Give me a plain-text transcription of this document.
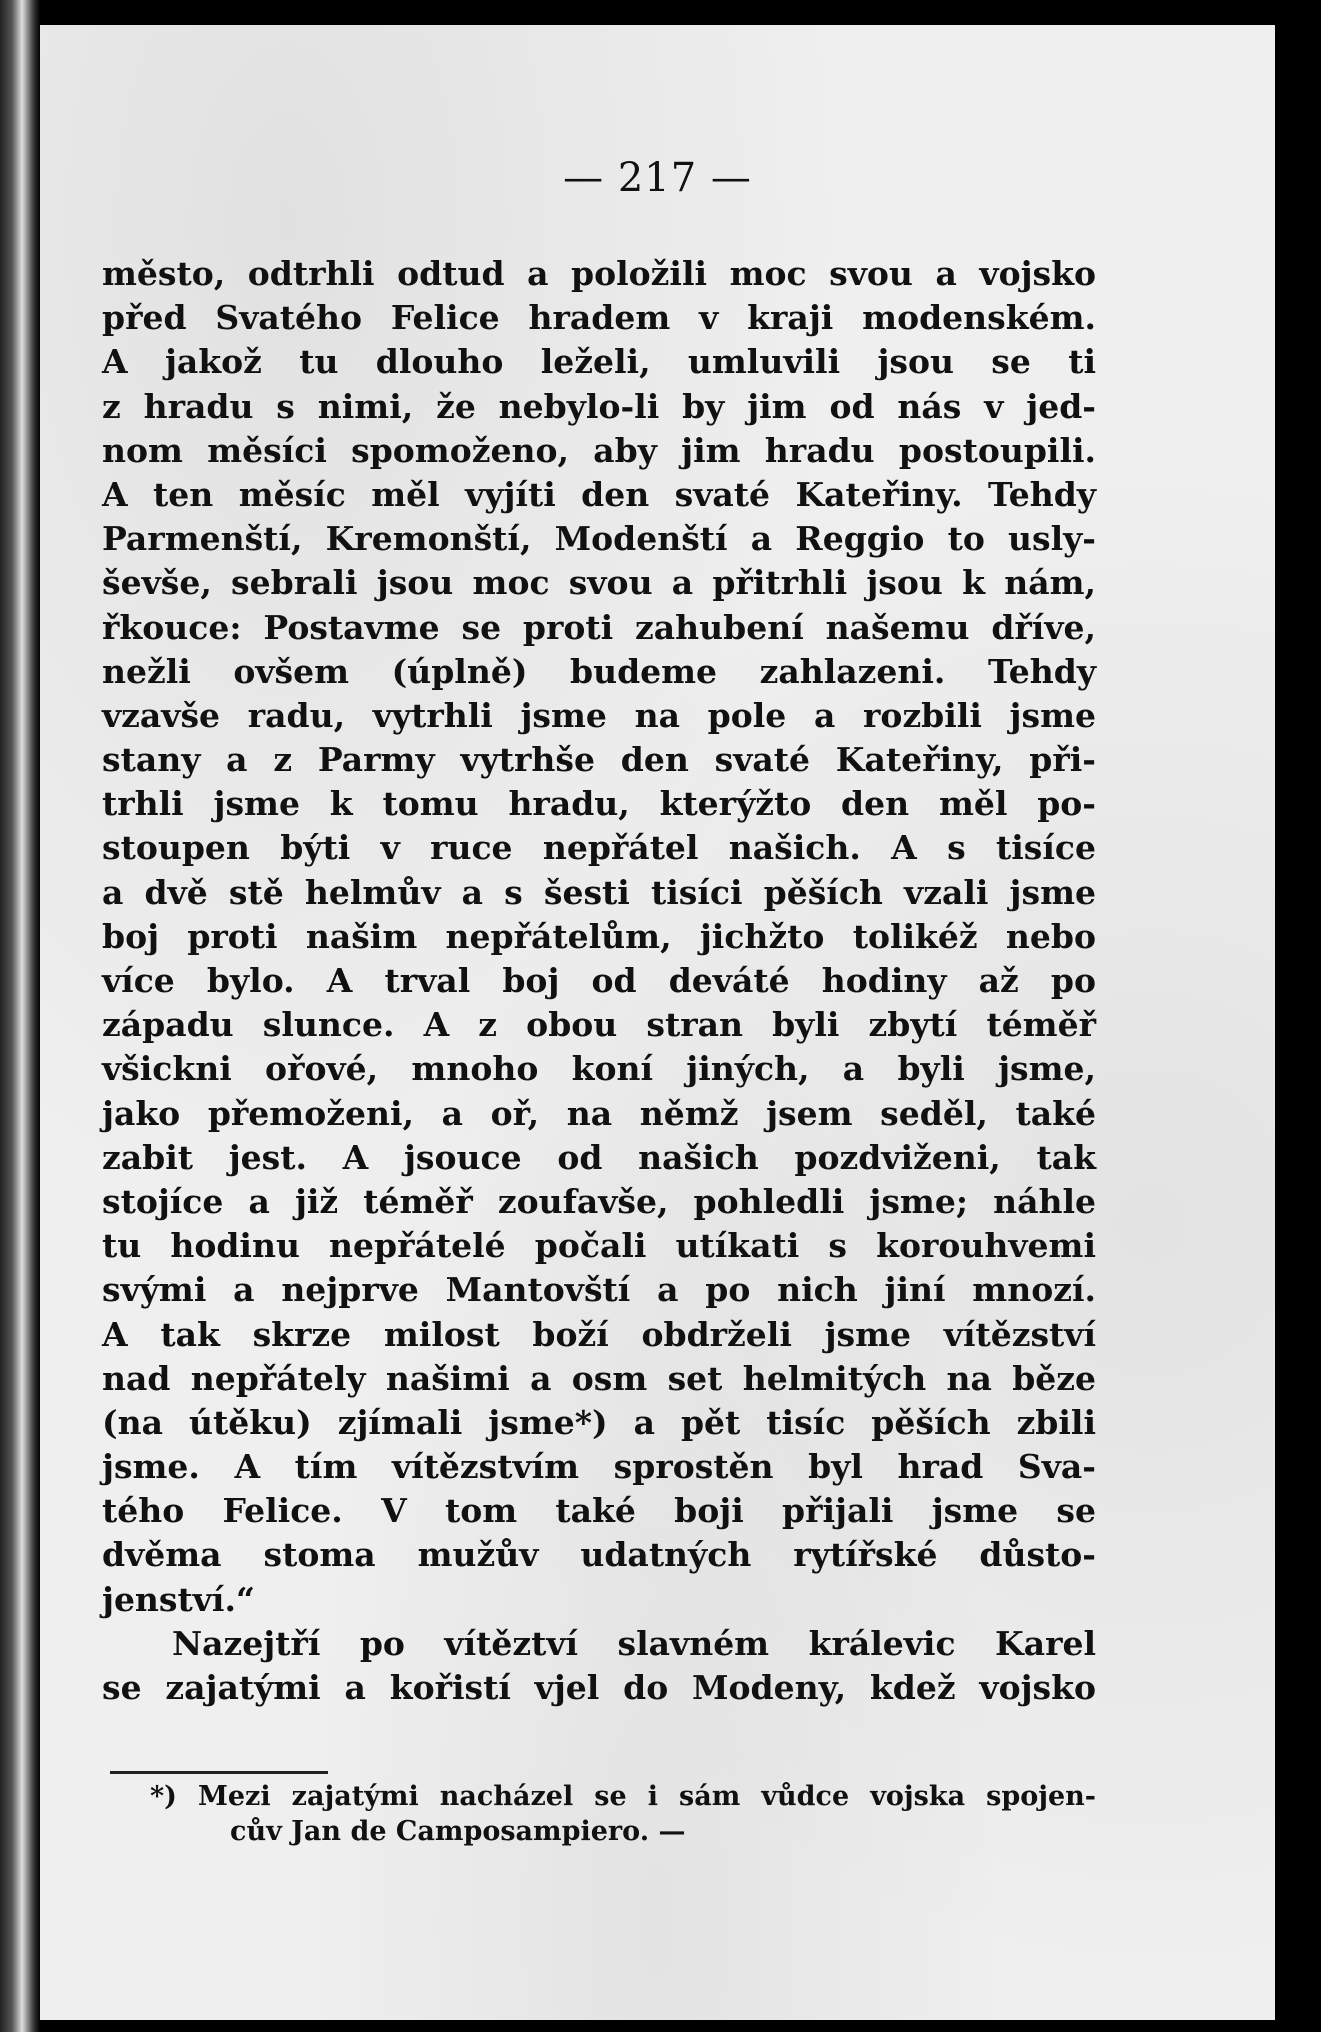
— 217 —
město, odtrhli odtud a položili moc svou a vojsko
před Svatého Felice hradem v kraji modenském.
A jakož tu dlouho leželi, umluvili jsou se ti
z hradu s nimi, že nebylo-li by jim od nás v jed-
nom měsíci spomoženo, aby jim hradu postoupili.
A ten měsíc měl vyjíti den svaté Kateřiny. Tehdy
Parmenští, Kremonští, Modenští a Reggio to usly-
ševše, sebrali jsou moc svou a přitrhli jsou k nám,
řkouce: Postavme se proti zahubení našemu dříve,
nežli ovšem (úplně) budeme zahlazeni. Tehdy
vzavše radu, vytrhli jsme na pole a rozbili jsme
stany a z Parmy vytrhše den svaté Kateřiny, při-
trhli jsme k tomu hradu, kterýžto den měl po-
stoupen býti v ruce nepřátel našich. A s tisíce
a dvě stě helmův a s šesti tisíci pěších vzali jsme
boj proti našim nepřátelům, jichžto tolikéž nebo
více bylo. A trval boj od deváté hodiny až po
západu slunce. A z obou stran byli zbytí téměř
všickni ořové, mnoho koní jiných, a byli jsme,
jako přemoženi, a oř, na němž jsem seděl, také
zabit jest. A jsouce od našich pozdviženi, tak
stojíce a již téměř zoufavše, pohledli jsme; náhle
tu hodinu nepřátelé počali utíkati s korouhvemi
svými a nejprve Mantovští a po nich jiní mnozí.
A tak skrze milost boží obdrželi jsme vítězství
nad nepřátely našimi a osm set helmitých na běze
(na útěku) zjímali jsme*) a pět tisíc pěších zbili
jsme. A tím vítězstvím sprostěn byl hrad Sva-
tého Felice. V tom také boji přijali jsme se
dvěma stoma mužův udatných rytířské důsto-
jenství.“
Nazejtří po vítěztví slavném králevic Karel
se zajatými a kořistí vjel do Modeny, kdež vojsko
*) Mezi zajatými nacházel se i sám vůdce vojska spojen-
cův Jan de Camposampiero. —
